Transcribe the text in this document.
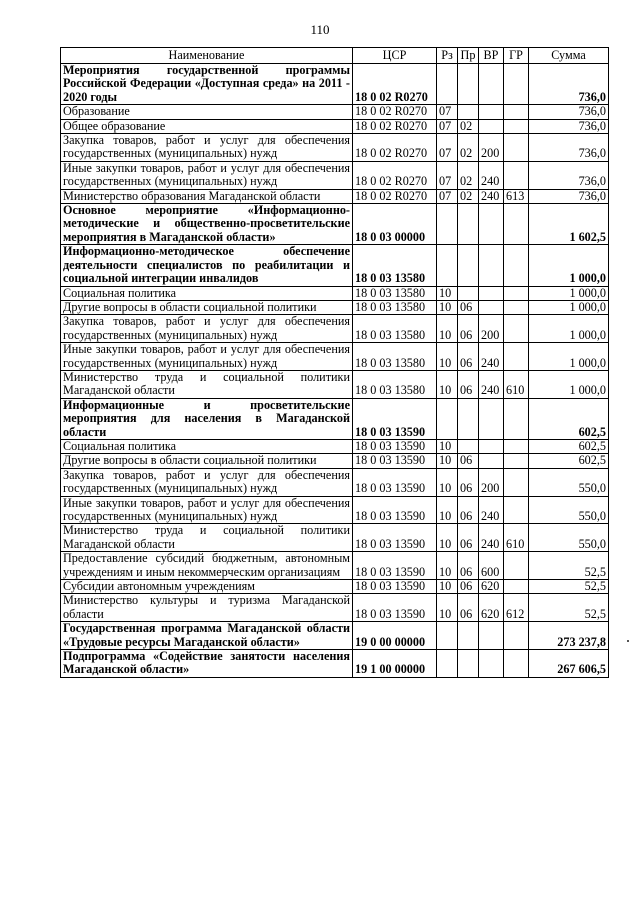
110
Наименование	ЦСР	Рз	Пр	ВР	ГР	Сумма
Мероприятия государственной программы Российской Федерации «Доступная среда» на 2011 - 2020 годы	18 0 02 R0270					736,0
Образование	18 0 02 R0270	07				736,0
Общее образование	18 0 02 R0270	07	02			736,0
Закупка товаров, работ и услуг для обеспечения государственных (муниципальных) нужд	18 0 02 R0270	07	02	200		736,0
Иные закупки товаров, работ и услуг для обеспечения государственных (муниципальных) нужд	18 0 02 R0270	07	02	240		736,0
Министерство образования Магаданской области	18 0 02 R0270	07	02	240	613	736,0
Основное мероприятие «Информационно-методические и общественно-просветительские мероприятия в Магаданской области»	18 0 03 00000					1 602,5
Информационно-методическое обеспечение деятельности специалистов по реабилитации и социальной интеграции инвалидов	18 0 03 13580					1 000,0
Социальная политика	18 0 03 13580	10				1 000,0
Другие вопросы в области социальной политики	18 0 03 13580	10	06			1 000,0
Закупка товаров, работ и услуг для обеспечения государственных (муниципальных) нужд	18 0 03 13580	10	06	200		1 000,0
Иные закупки товаров, работ и услуг для обеспечения государственных (муниципальных) нужд	18 0 03 13580	10	06	240		1 000,0
Министерство труда и социальной политики Магаданской области	18 0 03 13580	10	06	240	610	1 000,0
Информационные и просветительские мероприятия для населения в Магаданской области	18 0 03 13590					602,5
Социальная политика	18 0 03 13590	10				602,5
Другие вопросы в области социальной политики	18 0 03 13590	10	06			602,5
Закупка товаров, работ и услуг для обеспечения государственных (муниципальных) нужд	18 0 03 13590	10	06	200		550,0
Иные закупки товаров, работ и услуг для обеспечения государственных (муниципальных) нужд	18 0 03 13590	10	06	240		550,0
Министерство труда и социальной политики Магаданской области	18 0 03 13590	10	06	240	610	550,0
Предоставление субсидий бюджетным, автономным учреждениям и иным некоммерческим организациям	18 0 03 13590	10	06	600		52,5
Субсидии автономным учреждениям	18 0 03 13590	10	06	620		52,5
Министерство культуры и туризма Магаданской области	18 0 03 13590	10	06	620	612	52,5
Государственная программа Магаданской области «Трудовые ресурсы Магаданской области»	19 0 00 00000					273 237,8
Подпрограмма «Содействие занятости населения Магаданской области»	19 1 00 00000					267 606,5
